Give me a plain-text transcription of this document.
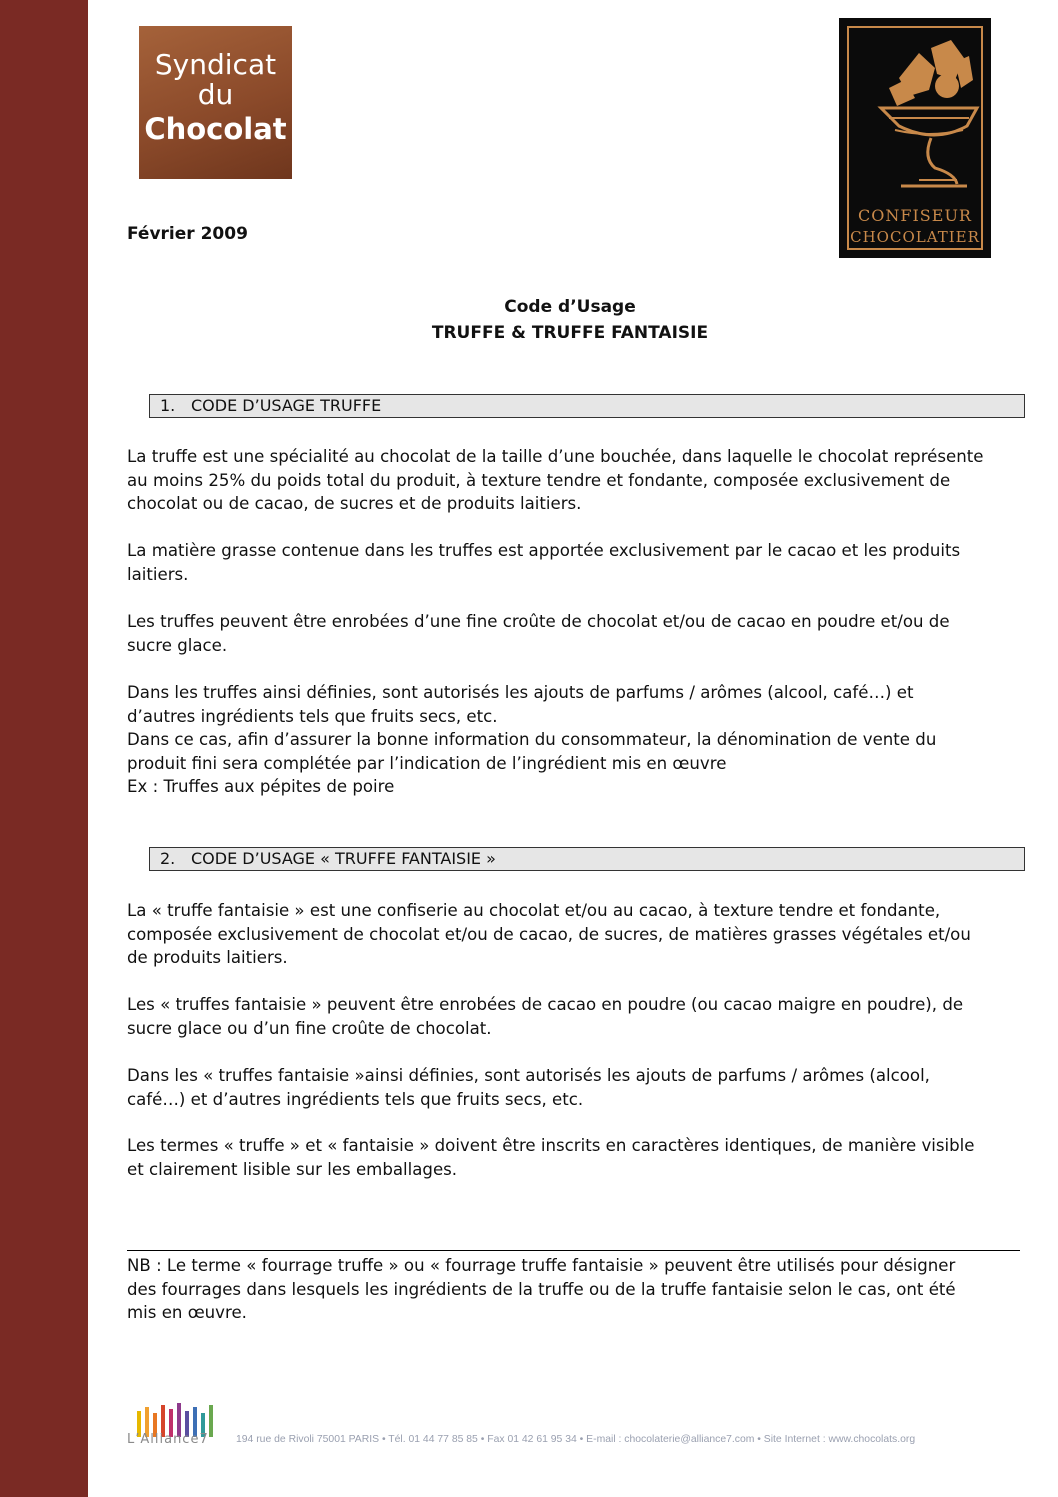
Syndicat
du
Chocolat
CONFISEUR
CHOCOLATIER
Février 2009
Code d’Usage
TRUFFE & TRUFFE FANTAISIE
1. CODE D’USAGE TRUFFE
La truffe est une spécialité au chocolat de la taille d’une bouchée, dans laquelle le chocolat représente
au moins 25% du poids total du produit, à texture tendre et fondante, composée exclusivement de
chocolat ou de cacao, de sucres et de produits laitiers.
La matière grasse contenue dans les truffes est apportée exclusivement par le cacao et les produits
laitiers.
Les truffes peuvent être enrobées d’une fine croûte de chocolat et/ou de cacao en poudre et/ou de
sucre glace.
Dans les truffes ainsi définies, sont autorisés les ajouts de parfums / arômes (alcool, café…) et
d’autres ingrédients tels que fruits secs, etc.
Dans ce cas, afin d’assurer la bonne information du consommateur, la dénomination de vente du
produit fini sera complétée par l’indication de l’ingrédient mis en œuvre
Ex : Truffes aux pépites de poire
2. CODE D’USAGE « TRUFFE FANTAISIE »
La « truffe fantaisie » est une confiserie au chocolat et/ou au cacao, à texture tendre et fondante,
composée exclusivement de chocolat et/ou de cacao, de sucres, de matières grasses végétales et/ou
de produits laitiers.
Les « truffes fantaisie » peuvent être enrobées de cacao en poudre (ou cacao maigre en poudre), de
sucre glace ou d’un fine croûte de chocolat.
Dans les « truffes fantaisie »ainsi définies, sont autorisés les ajouts de parfums / arômes (alcool,
café…) et d’autres ingrédients tels que fruits secs, etc.
Les termes « truffe » et « fantaisie » doivent être inscrits en caractères identiques, de manière visible
et clairement lisible sur les emballages.
NB : Le terme « fourrage truffe » ou « fourrage truffe fantaisie » peuvent être utilisés pour désigner
des fourrages dans lesquels les ingrédients de la truffe ou de la truffe fantaisie selon le cas, ont été
mis en œuvre.
L’Alliance7	194 rue de Rivoli 75001 PARIS • Tél. 01 44 77 85 85 • Fax 01 42 61 95 34 • E-mail : chocolaterie@alliance7.com • Site Internet : www.chocolats.org
